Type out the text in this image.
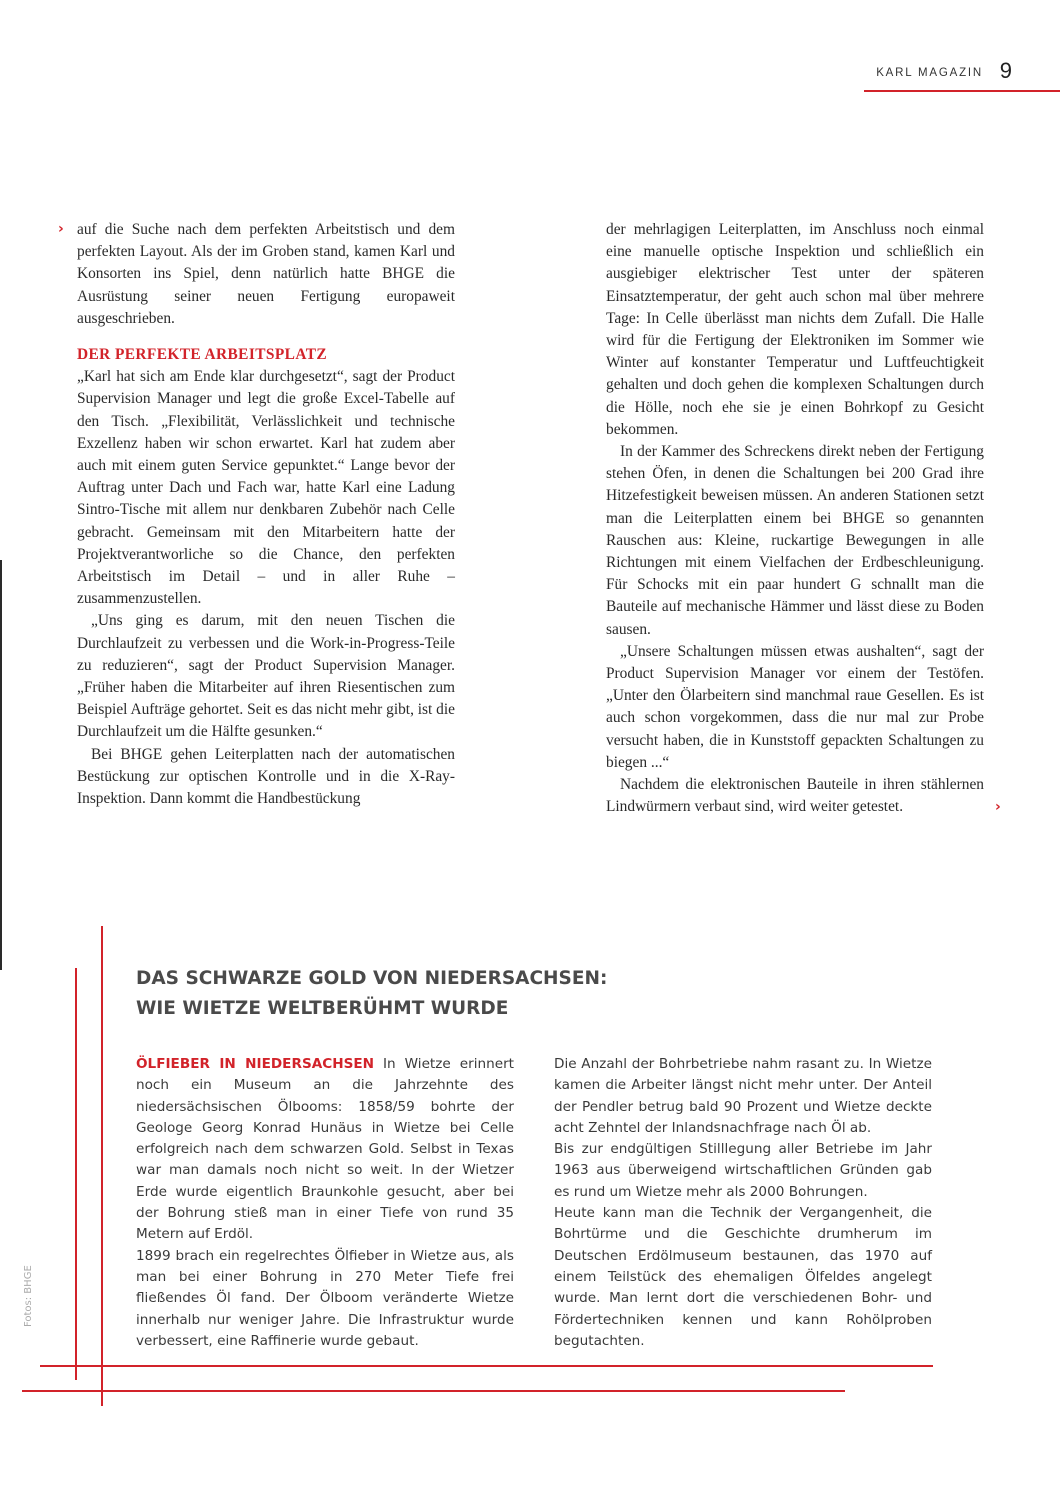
KARL MAGAZIN 9
› auf die Suche nach dem perfekten Arbeitstisch und dem perfekten Layout. Als der im Groben stand, kamen Karl und Konsorten ins Spiel, denn natürlich hatte BHGE die Ausrüstung seiner neuen Fertigung europaweit ausgeschrieben.

DER PERFEKTE ARBEITSPLATZ

„Karl hat sich am Ende klar durchgesetzt“, sagt der Product Supervision Manager und legt die große Excel-Tabelle auf den Tisch. „Flexibilität, Verlässlichkeit und technische Exzellenz haben wir schon erwartet. Karl hat zudem aber auch mit einem guten Service gepunktet.“ Lange bevor der Auftrag unter Dach und Fach war, hatte Karl eine Ladung Sintro-Tische mit allem nur denkbaren Zubehör nach Celle gebracht. Gemeinsam mit den Mitarbeitern hatte der Projektverantworliche so die Chance, den perfekten Arbeitstisch im Detail – und in aller Ruhe – zusammenzustellen.

„Uns ging es darum, mit den neuen Tischen die Durchlaufzeit zu verbessen und die Work-in-Progress-Teile zu reduzieren“, sagt der Product Supervision Manager. „Früher haben die Mitarbeiter auf ihren Riesentischen zum Beispiel Aufträge gehortet. Seit es das nicht mehr gibt, ist die Durchlaufzeit um die Hälfte gesunken.“

Bei BHGE gehen Leiterplatten nach der automatischen Bestückung zur optischen Kontrolle und in die X-Ray-Inspektion. Dann kommt die Handbestückung

der mehrlagigen Leiterplatten, im Anschluss noch einmal eine manuelle optische Inspektion und schließlich ein ausgiebiger elektrischer Test unter der späteren Einsatztemperatur, der geht auch schon mal über mehrere Tage: In Celle überlässt man nichts dem Zufall. Die Halle wird für die Fertigung der Elektroniken im Sommer wie Winter auf konstanter Temperatur und Luftfeuchtigkeit gehalten und doch gehen die komplexen Schaltungen durch die Hölle, noch ehe sie je einen Bohrkopf zu Gesicht bekommen.

In der Kammer des Schreckens direkt neben der Fertigung stehen Öfen, in denen die Schaltungen bei 200 Grad ihre Hitzefestigkeit beweisen müssen. An anderen Stationen setzt man die Leiterplatten einem bei BHGE so genannten Rauschen aus: Kleine, ruckartige Bewegungen in alle Richtungen mit einem Vielfachen der Erdbeschleunigung. Für Schocks mit ein paar hundert G schnallt man die Bauteile auf mechanische Hämmer und lässt diese zu Boden sausen.

„Unsere Schaltungen müssen etwas aushalten“, sagt der Product Supervision Manager vor einem der Testöfen. „Unter den Ölarbeitern sind manchmal raue Gesellen. Es ist auch schon vorgekommen, dass die nur mal zur Probe versucht haben, die in Kunststoff gepackten Schaltungen zu biegen ...“

Nachdem die elektronischen Bauteile in ihren stählernen Lindwürmern verbaut sind, wird weiter getestet.	›
DAS SCHWARZE GOLD VON NIEDERSACHSEN:
WIE WIETZE WELTBERÜHMT WURDE

ÖLFIEBER IN NIEDERSACHSEN In Wietze erinnert noch ein Museum an die Jahrzehnte des niedersächsischen Ölbooms: 1858/59 bohrte der Geologe Georg Konrad Hunäus in Wietze bei Celle erfolgreich nach dem schwarzen Gold. Selbst in Texas war man damals noch nicht so weit. In der Wietzer Erde wurde eigentlich Braunkohle gesucht, aber bei der Bohrung stieß man in einer Tiefe von rund 35 Metern auf Erdöl.

1899 brach ein regelrechtes Ölfieber in Wietze aus, als man bei einer Bohrung in 270 Meter Tiefe frei fließendes Öl fand. Der Ölboom veränderte Wietze innerhalb nur weniger Jahre. Die Infrastruktur wurde verbessert, eine Raffinerie wurde gebaut.

Die Anzahl der Bohrbetriebe nahm rasant zu. In Wietze kamen die Arbeiter längst nicht mehr unter. Der Anteil der Pendler betrug bald 90 Prozent und Wietze deckte acht Zehntel der Inlandsnachfrage nach Öl ab.

Bis zur endgültigen Stilllegung aller Betriebe im Jahr 1963 aus überweigend wirtschaftlichen Gründen gab es rund um Wietze mehr als 2000 Bohrungen.

Heute kann man die Technik der Vergangenheit, die Bohrtürme und die Geschichte drumherum im Deutschen Erdölmuseum bestaunen, das 1970 auf einem Teilstück des ehemaligen Ölfeldes angelegt wurde. Man lernt dort die verschiedenen Bohr- und Fördertechniken kennen und kann Rohölproben begutachten.

Fotos: BHGE
